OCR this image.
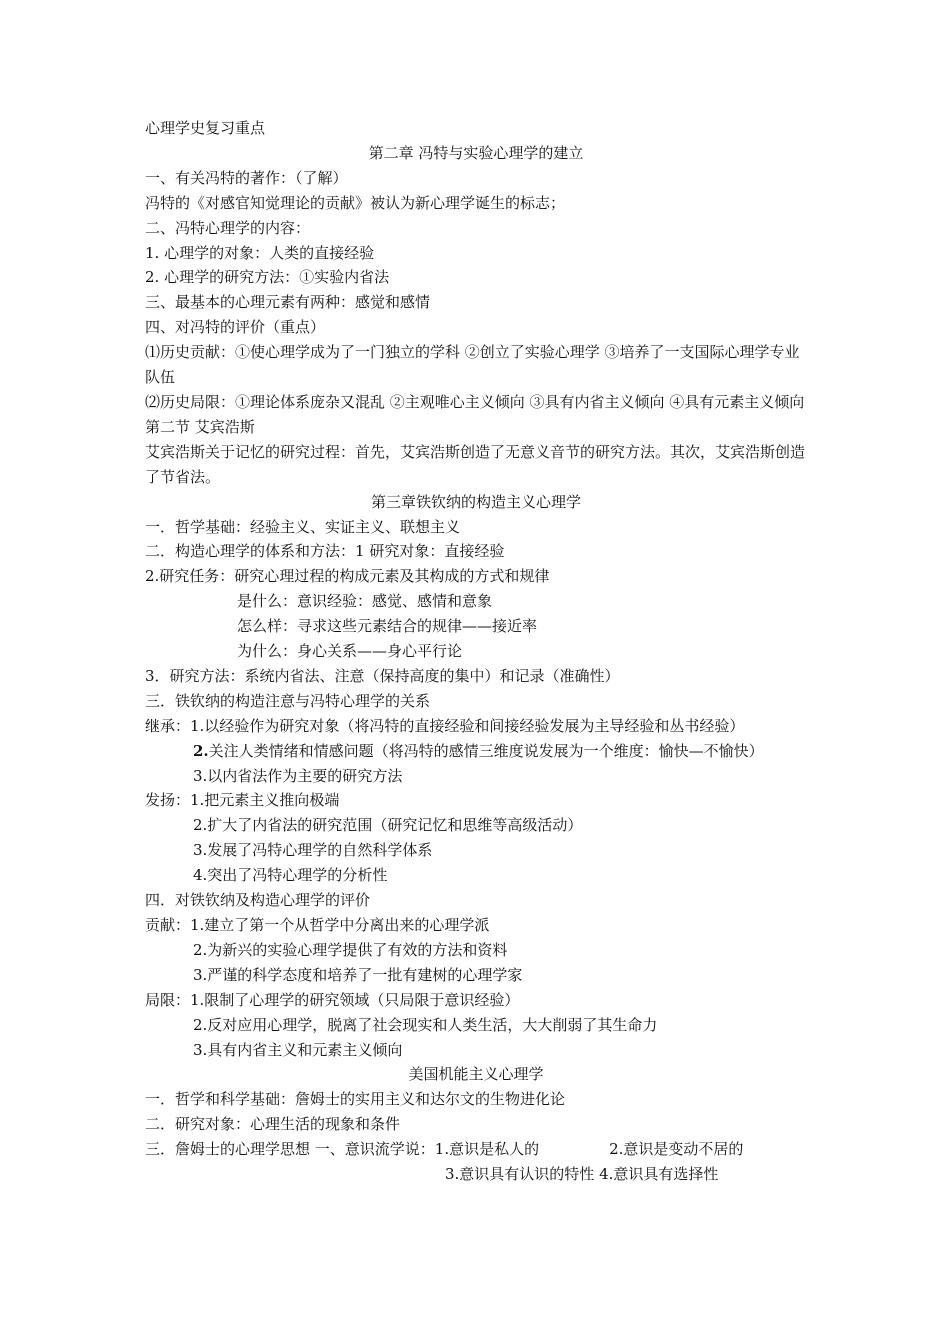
心理学史复习重点
第二章 冯特与实验心理学的建立
一、有关冯特的著作：（了解）
冯特的《对感官知觉理论的贡献》被认为新心理学诞生的标志；
二、冯特心理学的内容：
1. 心理学的对象：人类的直接经验
2. 心理学的研究方法：①实验内省法
三、最基本的心理元素有两种：感觉和感情
四、对冯特的评价（重点）
⑴历史贡献：①使心理学成为了一门独立的学科 ②创立了实验心理学 ③培养了一支国际心理学专业队伍
⑵历史局限：①理论体系庞杂又混乱 ②主观唯心主义倾向 ③具有内省主义倾向 ④具有元素主义倾向
第二节 艾宾浩斯
艾宾浩斯关于记忆的研究过程：首先，艾宾浩斯创造了无意义音节的研究方法。其次，艾宾浩斯创造了节省法。
第三章铁钦纳的构造主义心理学
一．哲学基础：经验主义、实证主义、联想主义
二．构造心理学的体系和方法：1 研究对象：直接经验
2.研究任务：研究心理过程的构成元素及其构成的方式和规律
是什么：意识经验：感觉、感情和意象
怎么样：寻求这些元素结合的规律——接近率
为什么：身心关系——身心平行论
3．研究方法：系统内省法、注意（保持高度的集中）和记录（准确性）
三．铁钦纳的构造注意与冯特心理学的关系
继承：1.以经验作为研究对象（将冯特的直接经验和间接经验发展为主导经验和丛书经验）
2.关注人类情绪和情感问题（将冯特的感情三维度说发展为一个维度：愉快—不愉快）
3.以内省法作为主要的研究方法
发扬：1.把元素主义推向极端
2.扩大了内省法的研究范围（研究记忆和思维等高级活动）
3.发展了冯特心理学的自然科学体系
4.突出了冯特心理学的分析性
四．对铁钦纳及构造心理学的评价
贡献：1.建立了第一个从哲学中分离出来的心理学派
2.为新兴的实验心理学提供了有效的方法和资料
3.严谨的科学态度和培养了一批有建树的心理学家
局限：1.限制了心理学的研究领域（只局限于意识经验）
2.反对应用心理学，脱离了社会现实和人类生活，大大削弱了其生命力
3.具有内省主义和元素主义倾向
美国机能主义心理学
一．哲学和科学基础：詹姆士的实用主义和达尔文的生物进化论
二．研究对象：心理生活的现象和条件
三．詹姆士的心理学思想 一、意识流学说：1.意识是私人的	2.意识是变动不居的
3.意识具有认识的特性 4.意识具有选择性
